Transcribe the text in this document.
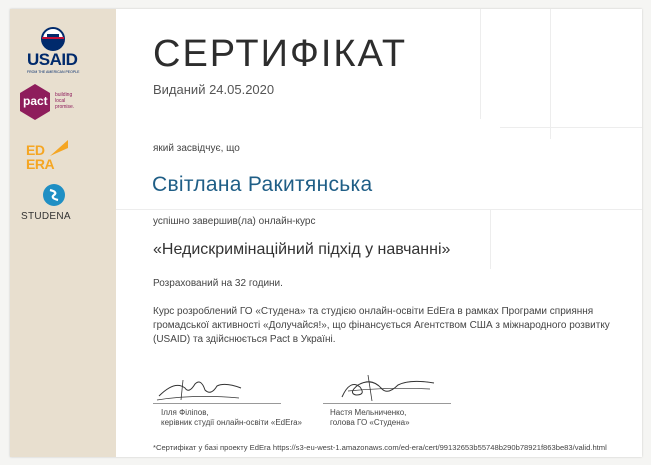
USAID
FROM THE AMERICAN PEOPLE
pact building
local
promise.
ED
ERA
STUDENA
СЕРТИФІКАТ
Виданий 24.05.2020
який засвідчує, що
Світлана Ракитянська
успішно завершив(ла) онлайн-курс
«Недискримінаційний підхід у навчанні»
Розрахований на 32 години.

Курс розроблений ГО «Студена» та студією онлайн-освіти EdEra в рамках Програми сприяння громадської активності «Долучайся!», що фінансується Агентством США з міжнародного розвитку (USAID) та здійснюється Pact в Україні.

Ілля Філіпов,
керівник студії онлайн-освіти «EdEra»
Настя Мельниченко,
голова ГО «Студена»
*Сертифікат у базі проекту EdEra https://s3-eu-west-1.amazonaws.com/ed-era/cert/99132653b55748b290b78921f863be83/valid.html
